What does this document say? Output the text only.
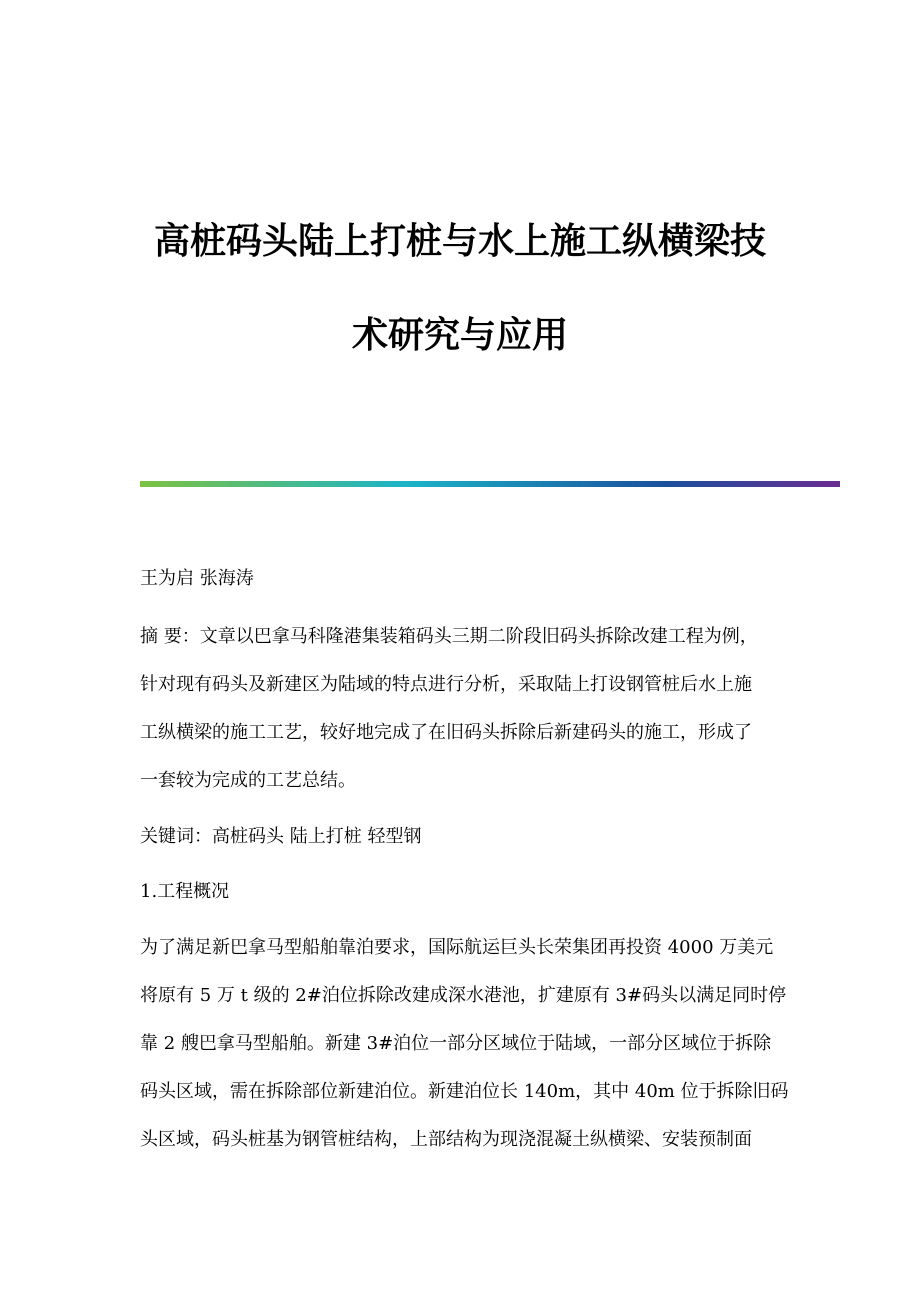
高桩码头陆上打桩与水上施工纵横梁技
术研究与应用
王为启 张海涛
摘 要：文章以巴拿马科隆港集装箱码头三期二阶段旧码头拆除改建工程为例，
针对现有码头及新建区为陆域的特点进行分析，采取陆上打设钢管桩后水上施
工纵横梁的施工工艺，较好地完成了在旧码头拆除后新建码头的施工，形成了
一套较为完成的工艺总结。
关键词：高桩码头 陆上打桩 轻型钢
1.工程概况
为了满足新巴拿马型船舶靠泊要求，国际航运巨头长荣集团再投资 4000 万美元
将原有 5 万 t 级的 2#泊位拆除改建成深水港池，扩建原有 3#码头以满足同时停
靠 2 艘巴拿马型船舶。新建 3#泊位一部分区域位于陆域，一部分区域位于拆除
码头区域，需在拆除部位新建泊位。新建泊位长 140m，其中 40m 位于拆除旧码
头区域，码头桩基为钢管桩结构，上部结构为现浇混凝土纵横梁、安装预制面
